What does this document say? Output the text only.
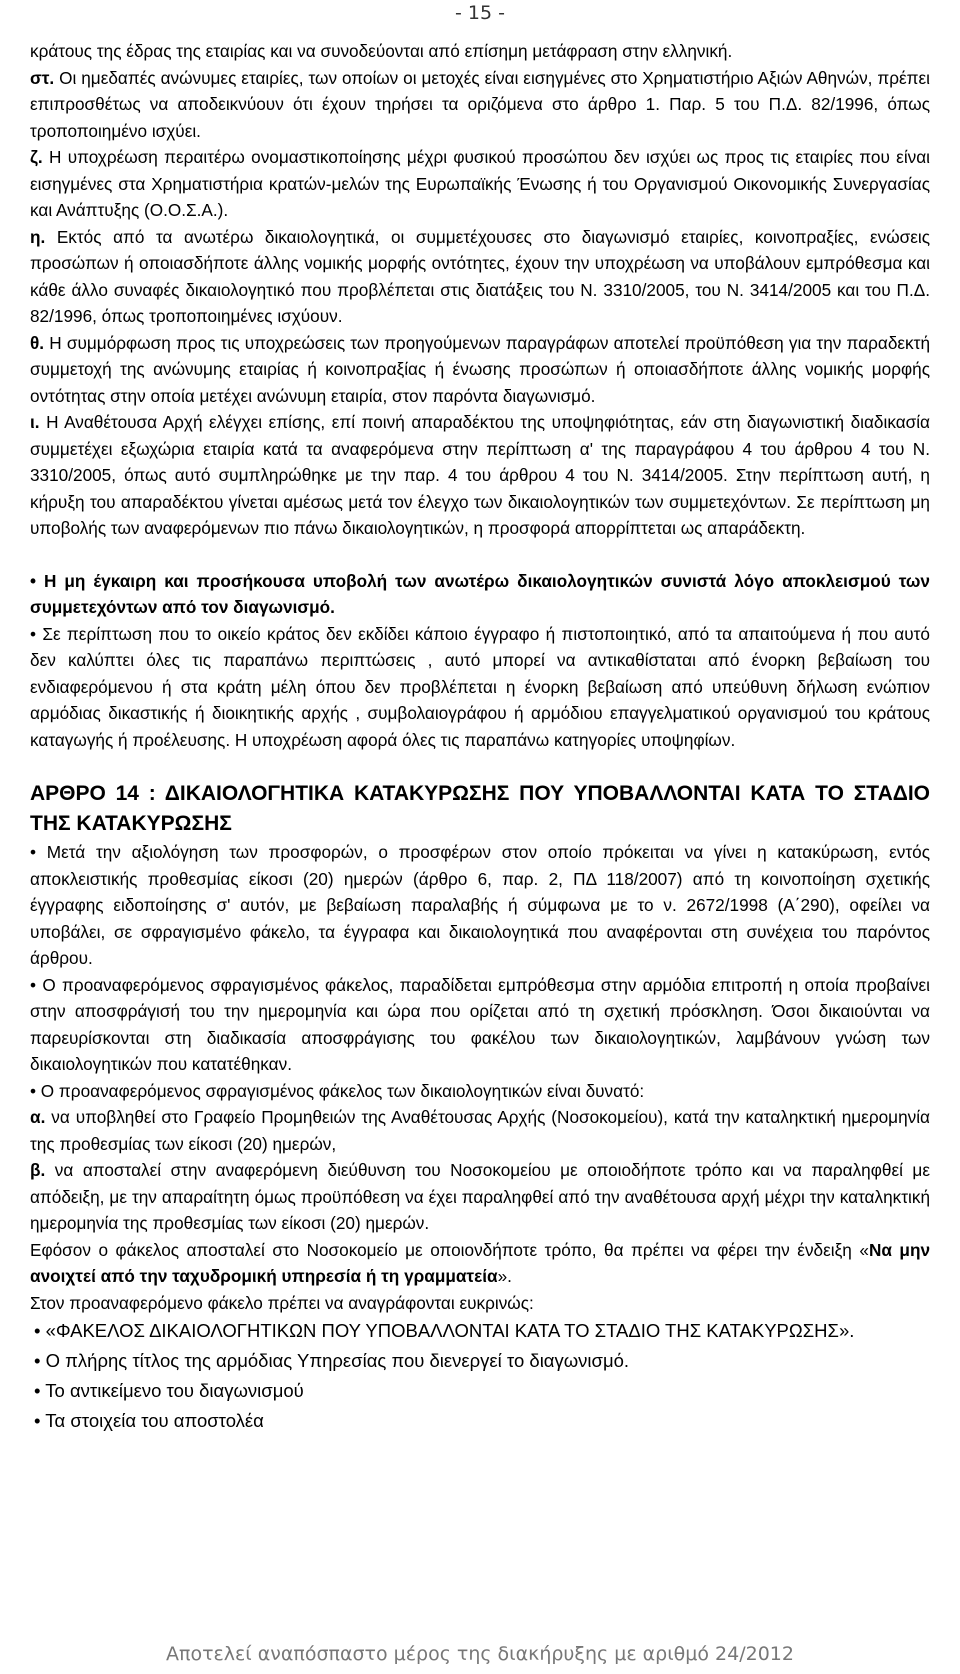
- 15 -

κράτους της έδρας της εταιρίας και να συνοδεύονται από επίσημη μετάφραση στην ελληνική.

στ. Οι ημεδαπές ανώνυμες εταιρίες, των οποίων οι μετοχές είναι εισηγμένες στο Χρηματιστήριο Αξιών Αθηνών, πρέπει επιπροσθέτως να αποδεικνύουν ότι έχουν τηρήσει τα οριζόμενα στο άρθρο 1. Παρ. 5 του Π.Δ. 82/1996, όπως τροποποιημένο ισχύει.

ζ. Η υποχρέωση περαιτέρω ονομαστικοποίησης μέχρι φυσικού προσώπου δεν ισχύει ως προς τις εταιρίες που είναι εισηγμένες στα Χρηματιστήρια κρατών-μελών της Ευρωπαϊκής Ένωσης ή του Οργανισμού Οικονομικής Συνεργασίας και Ανάπτυξης (Ο.Ο.Σ.Α.).

η. Εκτός από τα ανωτέρω δικαιολογητικά, οι συμμετέχουσες στο διαγωνισμό εταιρίες, κοινοπραξίες, ενώσεις προσώπων ή οποιασδήποτε άλλης νομικής μορφής οντότητες, έχουν την υποχρέωση να υποβάλουν εμπρόθεσμα και κάθε άλλο συναφές δικαιολογητικό που προβλέπεται στις διατάξεις του Ν. 3310/2005, του Ν. 3414/2005 και του Π.Δ. 82/1996, όπως τροποποιημένες ισχύουν.

θ. Η συμμόρφωση προς τις υποχρεώσεις των προηγούμενων παραγράφων αποτελεί προϋπόθεση για την παραδεκτή συμμετοχή της ανώνυμης εταιρίας ή κοινοπραξίας ή ένωσης προσώπων ή οποιασδήποτε άλλης νομικής μορφής οντότητας στην οποία μετέχει ανώνυμη εταιρία, στον παρόντα διαγωνισμό.

ι. Η Αναθέτουσα Αρχή ελέγχει επίσης, επί ποινή απαραδέκτου της υποψηφιότητας, εάν στη διαγωνιστική διαδικασία συμμετέχει εξωχώρια εταιρία κατά τα αναφερόμενα στην περίπτωση α' της παραγράφου 4 του άρθρου 4 του Ν. 3310/2005, όπως αυτό συμπληρώθηκε με την παρ. 4 του άρθρου 4 του Ν. 3414/2005. Στην περίπτωση αυτή, η κήρυξη του απαραδέκτου γίνεται αμέσως μετά τον έλεγχο των δικαιολογητικών των συμμετεχόντων. Σε περίπτωση μη υποβολής των αναφερόμενων πιο πάνω δικαιολογητικών, η προσφορά απορρίπτεται ως απαράδεκτη.

• Η μη έγκαιρη και προσήκουσα υποβολή των ανωτέρω δικαιολογητικών συνιστά λόγο αποκλεισμού των συμμετεχόντων από τον διαγωνισμό.

• Σε περίπτωση που το οικείο κράτος δεν εκδίδει κάποιο έγγραφο ή πιστοποιητικό, από τα απαιτούμενα ή που αυτό δεν καλύπτει όλες τις παραπάνω περιπτώσεις , αυτό μπορεί να αντικαθίσταται από ένορκη βεβαίωση του ενδιαφερόμενου ή στα κράτη μέλη όπου δεν προβλέπεται η ένορκη βεβαίωση από υπεύθυνη δήλωση ενώπιον αρμόδιας δικαστικής ή διοικητικής αρχής , συμβολαιογράφου ή αρμόδιου επαγγελματικού οργανισμού του κράτους καταγωγής ή προέλευσης. Η υποχρέωση αφορά όλες τις παραπάνω κατηγορίες υποψηφίων.

ΑΡΘΡΟ 14 : ΔΙΚΑΙΟΛΟΓΗΤΙΚΑ ΚΑΤΑΚΥΡΩΣΗΣ ΠΟΥ ΥΠΟΒΑΛΛΟΝΤΑΙ ΚΑΤΑ ΤΟ ΣΤΑΔΙΟ ΤΗΣ ΚΑΤΑΚΥΡΩΣΗΣ

• Μετά την αξιολόγηση των προσφορών, ο προσφέρων στον οποίο πρόκειται να γίνει η κατακύρωση, εντός αποκλειστικής προθεσμίας είκοσι (20) ημερών (άρθρο 6, παρ. 2, ΠΔ 118/2007) από τη κοινοποίηση σχετικής έγγραφης ειδοποίησης σ' αυτόν, με βεβαίωση παραλαβής ή σύμφωνα με το ν. 2672/1998 (Α΄290), οφείλει να υποβάλει, σε σφραγισμένο φάκελο, τα έγγραφα και δικαιολογητικά που αναφέρονται στη συνέχεια του παρόντος άρθρου.

• Ο προαναφερόμενος σφραγισμένος φάκελος, παραδίδεται εμπρόθεσμα στην αρμόδια επιτροπή η οποία προβαίνει στην αποσφράγισή του την ημερομηνία και ώρα που ορίζεται από τη σχετική πρόσκληση. Όσοι δικαιούνται να παρευρίσκονται στη διαδικασία αποσφράγισης του φακέλου των δικαιολογητικών, λαμβάνουν γνώση των δικαιολογητικών που κατατέθηκαν.

• Ο προαναφερόμενος σφραγισμένος φάκελος των δικαιολογητικών είναι δυνατό:

α. να υποβληθεί στο Γραφείο Προμηθειών της Αναθέτουσας Αρχής (Νοσοκομείου), κατά την καταληκτική ημερομηνία της προθεσμίας των είκοσι (20) ημερών,

β. να αποσταλεί στην αναφερόμενη διεύθυνση του Νοσοκομείου με οποιοδήποτε τρόπο και να παραληφθεί με απόδειξη, με την απαραίτητη όμως προϋπόθεση να έχει παραληφθεί από την αναθέτουσα αρχή μέχρι την καταληκτική ημερομηνία της προθεσμίας των είκοσι (20) ημερών.

Εφόσον ο φάκελος αποσταλεί στο Νοσοκομείο με οποιονδήποτε τρόπο, θα πρέπει να φέρει την ένδειξη «Να μην ανοιχτεί από την ταχυδρομική υπηρεσία ή τη γραμματεία».

Στον προαναφερόμενο φάκελο πρέπει να αναγράφονται ευκρινώς:

• «ΦΑΚΕΛΟΣ ΔΙΚΑΙΟΛΟΓΗΤΙΚΩΝ ΠΟΥ ΥΠΟΒΑΛΛΟΝΤΑΙ ΚΑΤΑ ΤΟ ΣΤΑΔΙΟ ΤΗΣ ΚΑΤΑΚΥΡΩΣΗΣ».

• Ο πλήρης τίτλος της αρμόδιας Υπηρεσίας που διενεργεί το διαγωνισμό.

• Το αντικείμενο του διαγωνισμού

• Τα στοιχεία του αποστολέα

Αποτελεί αναπόσπαστο μέρος της διακήρυξης με αριθμό 24/2012
